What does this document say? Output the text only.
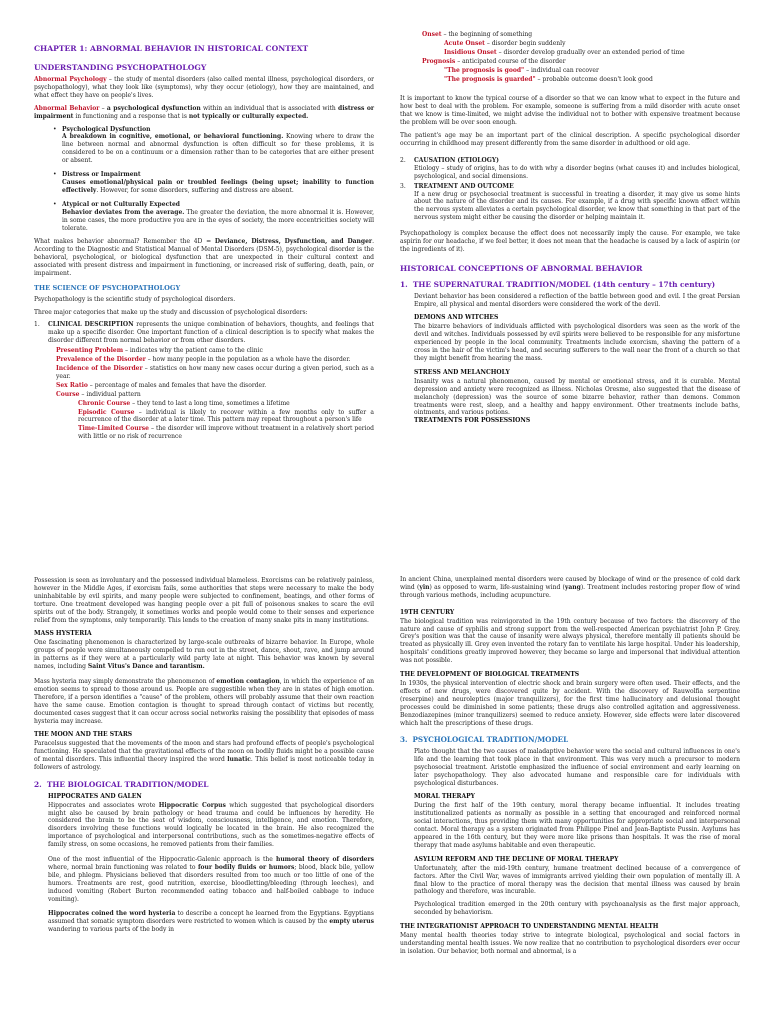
CHAPTER 1: ABNORMAL BEHAVIOR IN HISTORICAL CONTEXT
UNDERSTANDING PSYCHOPATHOLOGY

Abnormal Psychology – the study of mental disorders (also called mental illness, psychological disorders, or psychopathology), what they look like (symptoms), why they occur (etiology), how they are maintained, and what effect they have on people's lives.

Abnormal Behavior – a psychological dysfunction within an individual that is associated with distress or impairment in functioning and a response that is not typically or culturally expected.

• Psychological Dysfunction

A breakdown in cognitive, emotional, or behavioral functioning. Knowing where to draw the line between normal and abnormal dysfunction is often difficult so for these problems, it is considered to be on a continuum or a dimension rather than to be categories that are either present or absent.

• Distress or Impairment

Causes emotional/physical pain or troubled feelings (being upset; inability to function effectively. However, for some disorders, suffering and distress are absent.

• Atypical or not Culturally Expected

Behavior deviates from the average. The greater the deviation, the more abnormal it is. However, in some cases, the more productive you are in the eyes of society, the more eccentricities society will tolerate.

What makes behavior abnormal? Remember the 4D = Deviance, Distress, Dysfunction, and Danger. According to the Diagnostic and Statistical Manual of Mental Disorders (DSM-5), psychological disorder is the behavioral, psychological, or biological dysfunction that are unexpected in their cultural context and associated with present distress and impairment in functioning, or increased risk of suffering, death, pain, or impairment.

THE SCIENCE OF PSYCHOPATHOLOGY

Psychopathology is the scientific study of psychological disorders.

Three major categories that make up the study and discussion of psychological disorders:

1. CLINICAL DESCRIPTION represents the unique combination of behaviors, thoughts, and feelings that make up a specific disorder. One important function of a clinical description is to specify what makes the disorder different from normal behavior or from other disorders.

Presenting Problem – indicates why the patient came to the clinic

Prevalence of the Disorder – how many people in the population as a whole have the disorder.

Incidence of the Disorder – statistics on how many new cases occur during a given period, such as a year.

Sex Ratio – percentage of males and females that have the disorder.

Course – individual pattern

Chronic Course – they tend to last a long time, sometimes a lifetime

Episodic Course – individual is likely to recover within a few months only to suffer a recurrence of the disorder at a later time. This pattern may repeat throughout a person's life

Time-Limited Course – the disorder will improve without treatment in a relatively short period with little or no risk of recurrence

Onset – the beginning of something

Acute Onset – disorder begin suddenly

Insidious Onset – disorder develop gradually over an extended period of time

Prognosis – anticipated course of the disorder

"The prognosis is good" – individual can recover

"The prognosis is guarded" – probable outcome doesn't look good

It is important to know the typical course of a disorder so that we can know what to expect in the future and how best to deal with the problem. For example, someone is suffering from a mild disorder with acute onset that we know is time-limited, we might advise the individual not to bother with expensive treatment because the problem will be over soon enough.

The patient's age may be an important part of the clinical description. A specific psychological disorder occurring in childhood may present differently from the same disorder in adulthood or old age.

2. CAUSATION (ETIOLOGY)
Etiology – study of origins, has to do with why a disorder begins (what causes it) and includes biological, psychological, and social dimensions.
3. TREATMENT AND OUTCOME
If a new drug or psychosocial treatment is successful in treating a disorder, it may give us some hints about the nature of the disorder and its causes. For example, if a drug with specific known effect within the nervous system alleviates a certain psychological disorder, we know that something in that part of the nervous system might either be causing the disorder or helping maintain it.

Psychopathology is complex because the effect does not necessarily imply the cause. For example, we take aspirin for our headache, if we feel better, it does not mean that the headache is caused by a lack of aspirin (or the ingredients of it).

HISTORICAL CONCEPTIONS OF ABNORMAL BEHAVIOR
1. THE SUPERNATURAL TRADITION/MODEL (14th century – 17th century)

Deviant behavior has been considered a reflection of the battle between good and evil. I the great Persian Empire, all physical and mental disorders were considered the work of the devil.

DEMONS AND WITCHES

The bizarre behaviors of individuals afflicted with psychological disorders was seen as the work of the devil and witches. Individuals possessed by evil spirits were believed to be responsible for any misfortune experienced by people in the local community. Treatments include exorcism, shaving the pattern of a cross in the hair of the victim's head, and securing sufferers to the wall near the front of a church so that they might benefit from hearing the mass.

STRESS AND MELANCHOLY

Insanity was a natural phenomenon, caused by mental or emotional stress, and it is curable. Mental depression and anxiety were recognized as illness. Nicholas Oresme, also suggested that the disease of melancholy (depression) was the source of some bizarre behavior, rather than demons. Common treatments were rest, sleep, and a healthy and happy environment. Other treatments include baths, ointments, and various potions.

TREATMENTS FOR POSSESSIONS

Possession is seen as involuntary and the possessed individual blameless. Exorcisms can be relatively painless, however in the Middle Ages, if exorcism fails, some authorities that steps were necessary to make the body uninhabitable by evil spirits, and many people were subjected to confinement, beatings, and other forms of torture. One treatment developed was hanging people over a pit full of poisonous snakes to scare the evil spirits out of the body. Strangely, it sometimes works and people would come to their senses and experience relief from the symptoms, only temporarily. This lends to the creation of many snake pits in many institutions.

MASS HYSTERIA

One fascinating phenomenon is characterized by large-scale outbreaks of bizarre behavior. In Europe, whole groups of people were simultaneously compelled to run out in the street, dance, shout, rave, and jump around in patterns as if they were at a particularly wild party late at night. This behavior was known by several names, including Saint Vitus's Dance and tarantism.

Mass hysteria may simply demonstrate the phenomenon of emotion contagion, in which the experience of an emotion seems to spread to those around us. People are suggestible when they are in states of high emotion. Therefore, if a person identifies a "cause" of the problem, others will probably assume that their own reaction have the same cause. Emotion contagion is thought to spread through contact of victims but recently, documented cases suggest that it can occur across social networks raising the possibility that episodes of mass hysteria may increase.

THE MOON AND THE STARS

Paracelsus suggested that the movements of the moon and stars had profound effects of people's psychological functioning. He speculated that the gravitational effects of the moon on bodily fluids might be a possible cause of mental disorders. This influential theory inspired the word lunatic. This belief is most noticeable today in followers of astrology.

2. THE BIOLOGICAL TRADITION/MODEL
HIPPOCRATES AND GALEN

Hippocrates and associates wrote Hippocratic Corpus which suggested that psychological disorders might also be caused by brain pathology or head trauma and could be influences by heredity. He considered the brain to be the seat of wisdom, consciousness, intelligence, and emotion. Therefore, disorders involving these functions would logically be located in the brain. He also recognized the importance of psychological and interpersonal contributions, such as the sometimes-negative effects of family stress, on some occasions, he removed patients from their families.

One of the most influential of the Hippocratic-Galenic approach is the humoral theory of disorders where, normal brain functioning was related to four bodily fluids or humors; blood, black bile, yellow bile, and phlegm. Physicians believed that disorders resulted from too much or too little of one of the humors. Treatments are rest, good nutrition, exercise, bloodletting/bleeding (through leeches), and induced vomiting (Robert Burton recommended eating tobacco and half-boiled cabbage to induce vomiting).

Hippocrates coined the word hysteria to describe a concept he learned from the Egyptians. Egyptians assumed that somatic symptom disorders were restricted to women which is caused by the empty uterus wandering to various parts of the body in

In ancient China, unexplained mental disorders were caused by blockage of wind or the presence of cold dark wind (yin) as opposed to warm, life-sustaining wind (yang). Treatment includes restoring proper flow of wind through various methods, including acupuncture.

19TH CENTURY

The biological tradition was reinvigorated in the 19th century because of two factors: the discovery of the nature and cause of syphilis and strong support from the well-respected American psychiatrist John P. Grey. Grey's position was that the cause of insanity were always physical, therefore mentally ill patients should be treated as physically ill. Grey even invented the rotary fan to ventilate his large hospital. Under his leadership, hospitals' conditions greatly improved however, they became so large and impersonal that individual attention was not possible.

THE DEVELOPMENT OF BIOLOGICAL TREATMENTS

In 1930s, the physical intervention of electric shock and brain surgery were often used. Their effects, and the effects of new drugs, were discovered quite by accident. With the discovery of Rauwolfia serpentine (reserpine) and neuroleptics (major tranquilizers), for the first time hallucinatory and delusional thought processes could be diminished in some patients; these drugs also controlled agitation and aggressiveness. Benzodiazepines (minor tranquilizers) seemed to reduce anxiety. However, side effects were later discovered which halt the prescriptions of these drugs.

3. PSYCHOLOGICAL TRADITION/MODEL

Plato thought that the two causes of maladaptive behavior were the social and cultural influences in one's life and the learning that took place in that environment. This was very much a precursor to modern psychosocial treatment. Aristotle emphasized the influence of social environment and early learning on later psychopathology. They also advocated humane and responsible care for individuals with psychological disturbances.

MORAL THERAPY

During the first half of the 19th century, moral therapy became influential. It includes treating institutionalized patients as normally as possible in a setting that encouraged and reinforced normal social interactions, thus providing them with many opportunities for appropriate social and interpersonal contact. Moral therapy as a system originated from Philippe Pinel and Jean-Baptiste Pussin. Asylums has appeared in the 16th century, but they were more like prisons than hospitals. It was the rise of moral therapy that made asylums habitable and even therapeutic.

ASYLUM REFORM AND THE DECLINE OF MORAL THERAPY

Unfortunately, after the mid-19th century, humane treatment declined because of a convergence of factors. After the Civil War, waves of immigrants arrived yielding their own population of mentally ill. A final blow to the practice of moral therapy was the decision that mental illness was caused by brain pathology and therefore, was incurable.

Psychological tradition emerged in the 20th century with psychoanalysis as the first major approach, seconded by behaviorism.

THE INTEGRATIONIST APPROACH TO UNDERSTANDING MENTAL HEALTH

Many mental health theories today strive to integrate biological, psychological and social factors in understanding mental health issues. We now realize that no contribution to psychological disorders ever occur in isolation. Our behavior, both normal and abnormal, is a
